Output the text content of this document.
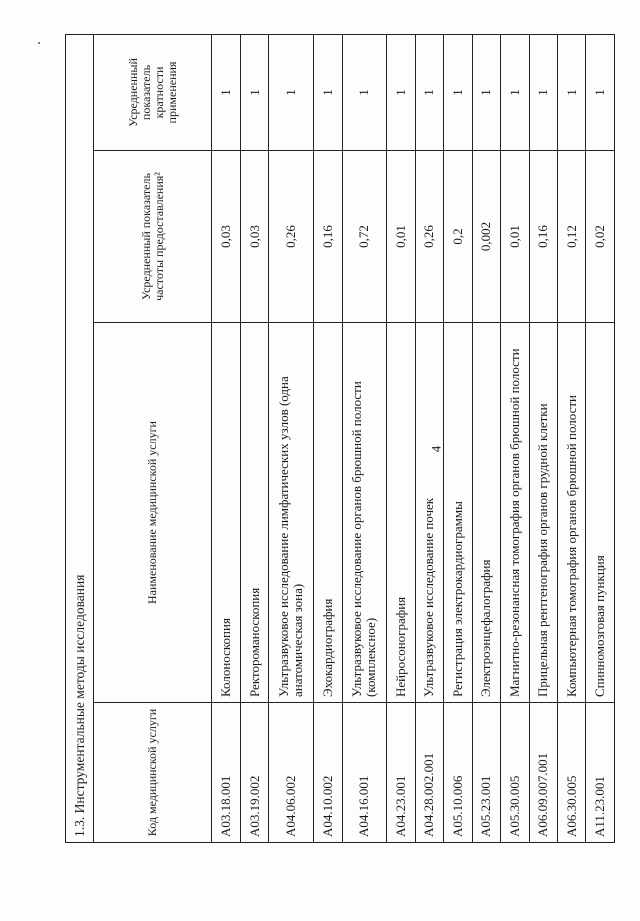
4
1.3. Инструментальные методы исследования			
Код медицинской услуги	Наименование медицинской услуги	Усредненный показатель частоты предоставления²	Усредненный показатель кратности применения
A03.18.001	Колоноскопия	0,03	1
A03.19.002	Ректороманоскопия	0,03	1
A04.06.002	Ультразвуковое исследование лимфатических узлов (одна анатомическая зона)	0,26	1
A04.10.002	Эхокардиография	0,16	1
A04.16.001	Ультразвуковое исследование органов брюшной полости (комплексное)	0,72	1
A04.23.001	Нейросонография	0,01	1
A04.28.002.001	Ультразвуковое исследование почек	0,26	1
A05.10.006	Регистрация электрокардиограммы	0,2	1
A05.23.001	Электроэнцефалография	0,002	1
A05.30.005	Магнитно-резонансная томография органов брюшной полости	0,01	1
A06.09.007.001	Прицельная рентгенография органов грудной клетки	0,16	1
A06.30.005	Компьютерная томография органов брюшной полости	0,12	1
A11.23.001	Спинномозговая пункция	0,02	1
